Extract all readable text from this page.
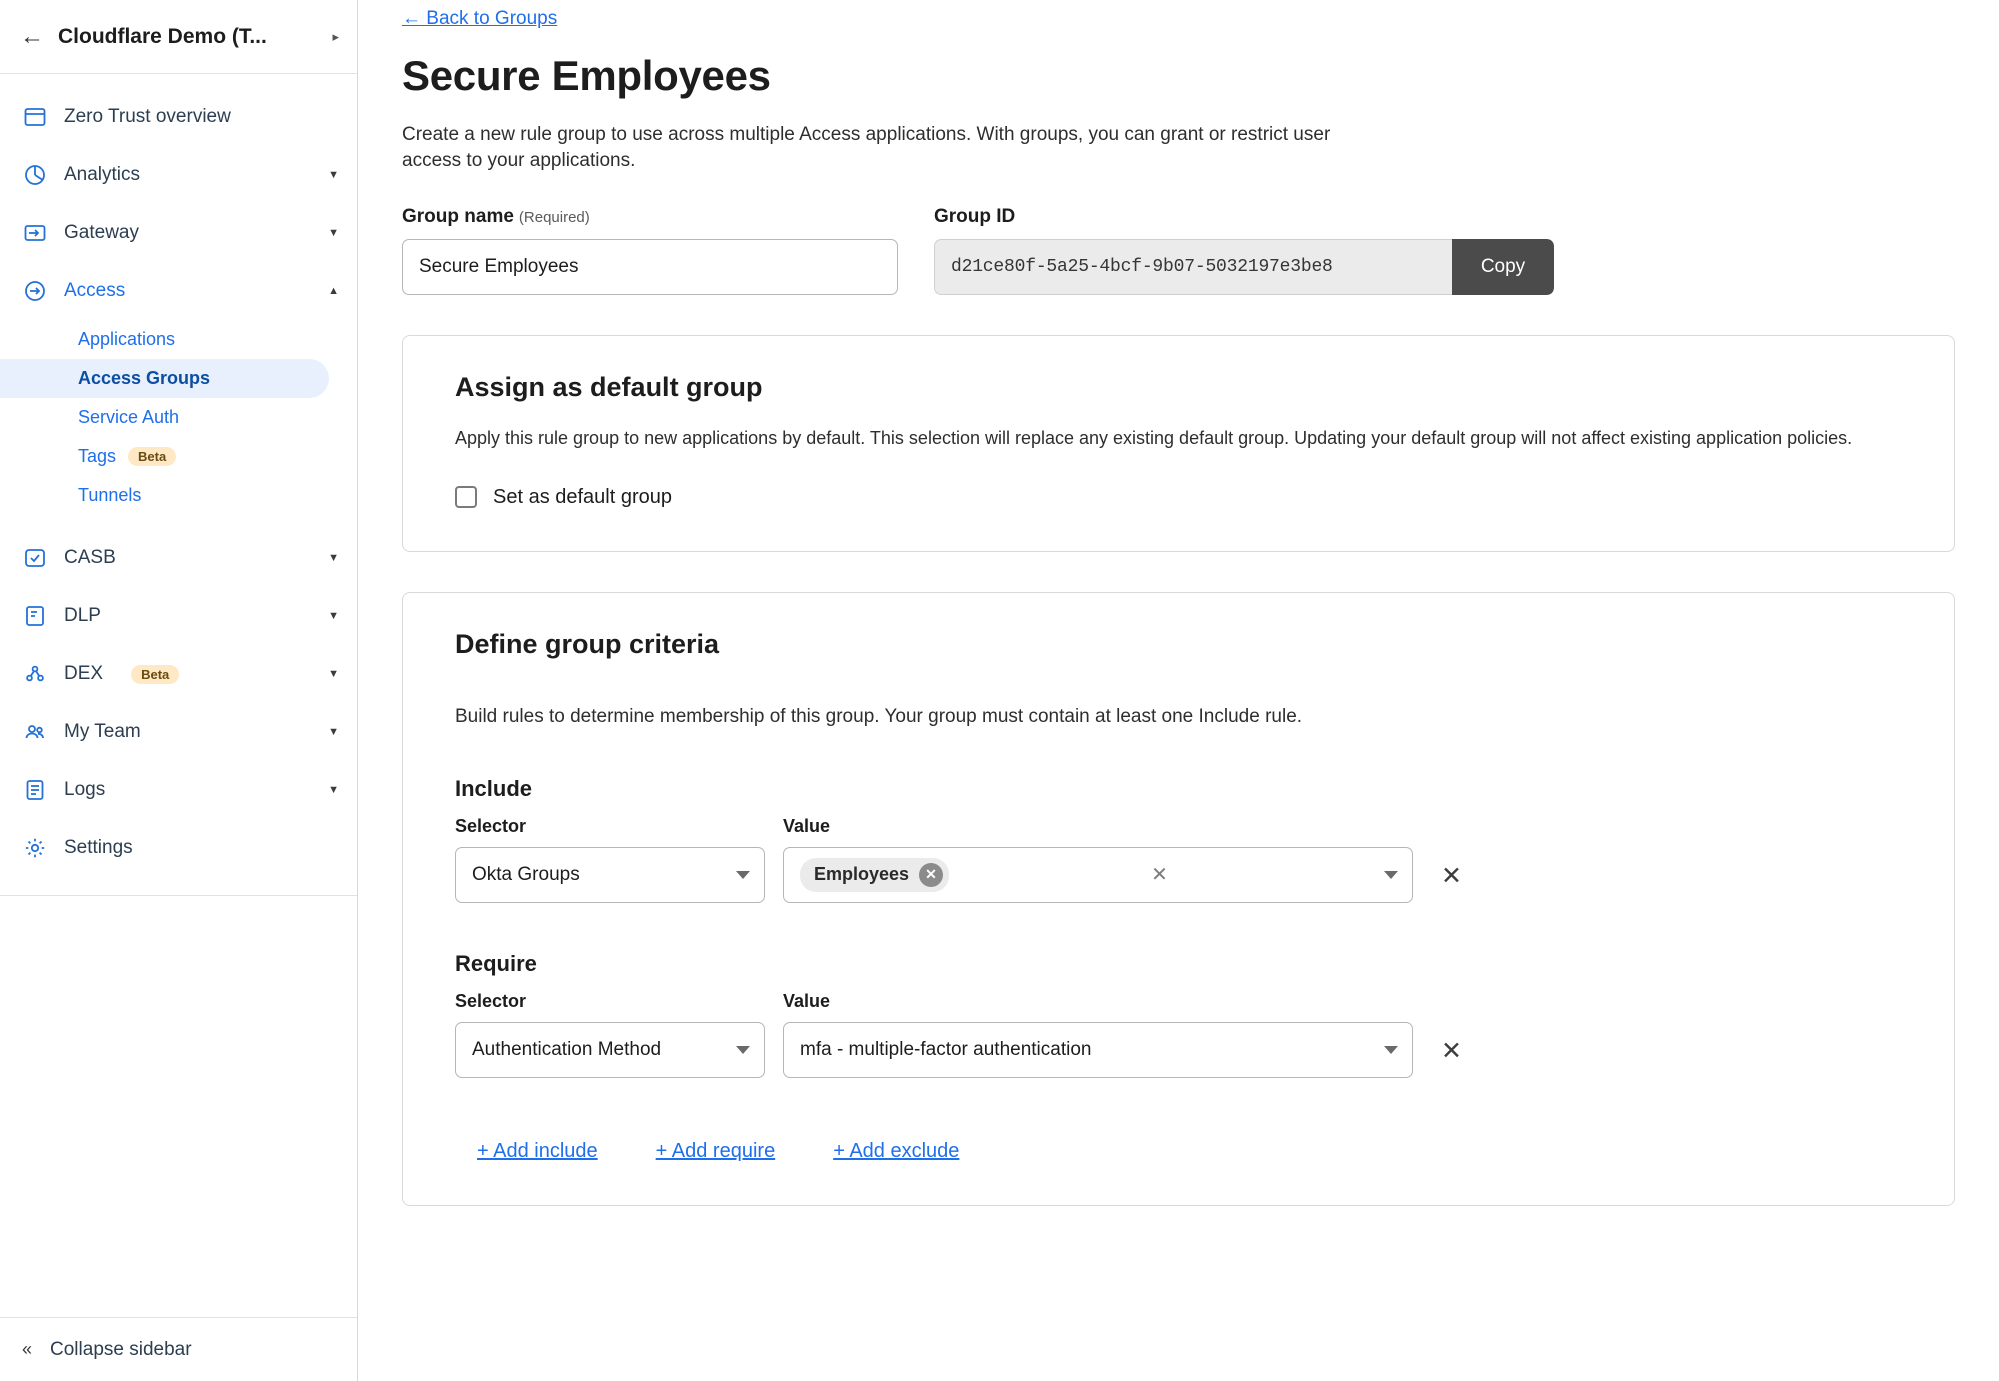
← Cloudflare Demo (T...	▸
Zero Trust overview
Analytics	▼
Gateway	▼
Access	▲
Applications
Access Groups
Service Auth
Tags	Beta
Tunnels
CASB	▼
DLP	▼
DEX	Beta	▼
My Team	▼
Logs	▼
Settings
« Collapse sidebar
← Back to Groups
Secure Employees

Create a new rule group to use across multiple Access applications. With groups, you can grant or restrict user access to your applications.

Group name (Required)
Secure Employees	Group ID
d21ce80f-5a25-4bcf-9b07-5032197e3be8	Copy
Assign as default group
Apply this rule group to new applications by default. This selection will replace any existing default group. Updating your default group will not affect existing application policies.
Set as default group
Define group criteria
Build rules to determine membership of this group. Your group must contain at least one Include rule.
Include
Selector
Okta Groups
Value
Employees	✕	✕	✕
Require
Selector
Authentication Method
Value
mfa - multiple-factor authentication	✕
+ Add include	+ Add require	+ Add exclude
